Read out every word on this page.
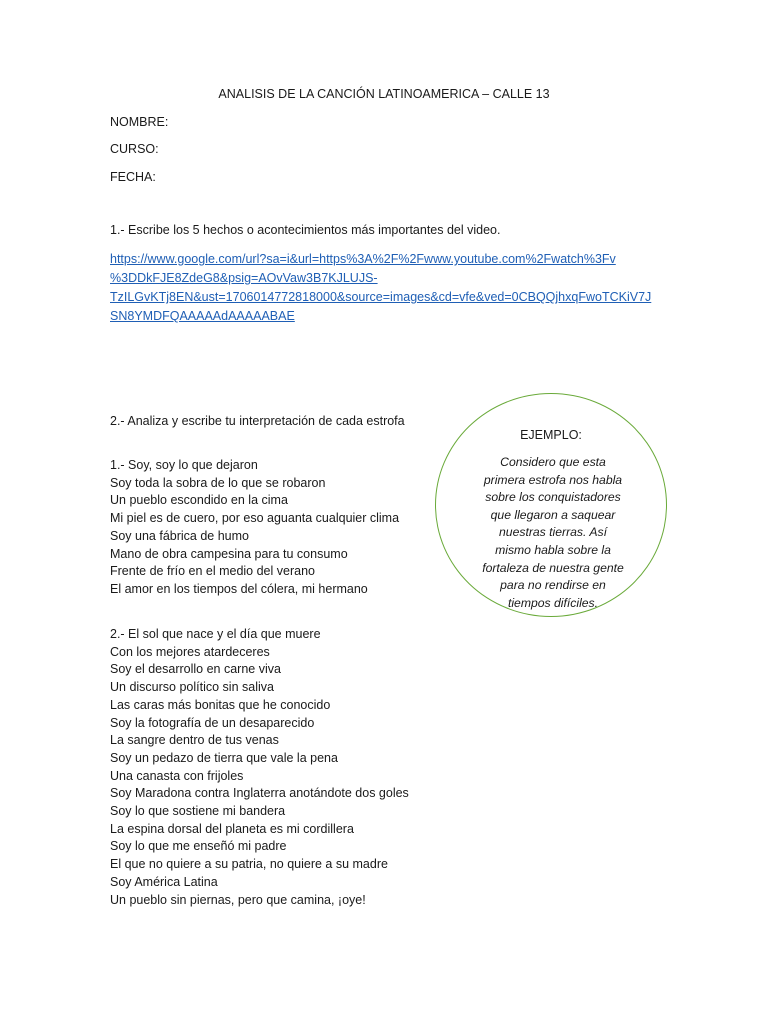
ANALISIS DE LA CANCIÓN LATINOAMERICA – CALLE 13
NOMBRE:
CURSO:
FECHA:
1.- Escribe los 5 hechos o acontecimientos más importantes del video.
https://www.google.com/url?sa=i&url=https%3A%2F%2Fwww.youtube.com%2Fwatch%3Fv
%3DDkFJE8ZdeG8&psig=AOvVaw3B7KJLUJS-
TzILGvKTj8EN&ust=1706014772818000&source=images&cd=vfe&ved=0CBQQjhxqFwoTCKiV7J
SN8YMDFQAAAAAdAAAAABAE
2.- Analiza y escribe tu interpretación de cada estrofa
EJEMPLO:
Considero que esta primera estrofa nos habla sobre los conquistadores que llegaron a saquear nuestras tierras. Así mismo habla sobre la fortaleza de nuestra gente para no rendirse en tiempos difíciles.
1.- Soy, soy lo que dejaron
Soy toda la sobra de lo que se robaron
Un pueblo escondido en la cima
Mi piel es de cuero, por eso aguanta cualquier clima
Soy una fábrica de humo
Mano de obra campesina para tu consumo
Frente de frío en el medio del verano
El amor en los tiempos del cólera, mi hermano
2.- El sol que nace y el día que muere
Con los mejores atardeceres
Soy el desarrollo en carne viva
Un discurso político sin saliva
Las caras más bonitas que he conocido
Soy la fotografía de un desaparecido
La sangre dentro de tus venas
Soy un pedazo de tierra que vale la pena
Una canasta con frijoles
Soy Maradona contra Inglaterra anotándote dos goles
Soy lo que sostiene mi bandera
La espina dorsal del planeta es mi cordillera
Soy lo que me enseñó mi padre
El que no quiere a su patria, no quiere a su madre
Soy América Latina
Un pueblo sin piernas, pero que camina, ¡oye!
